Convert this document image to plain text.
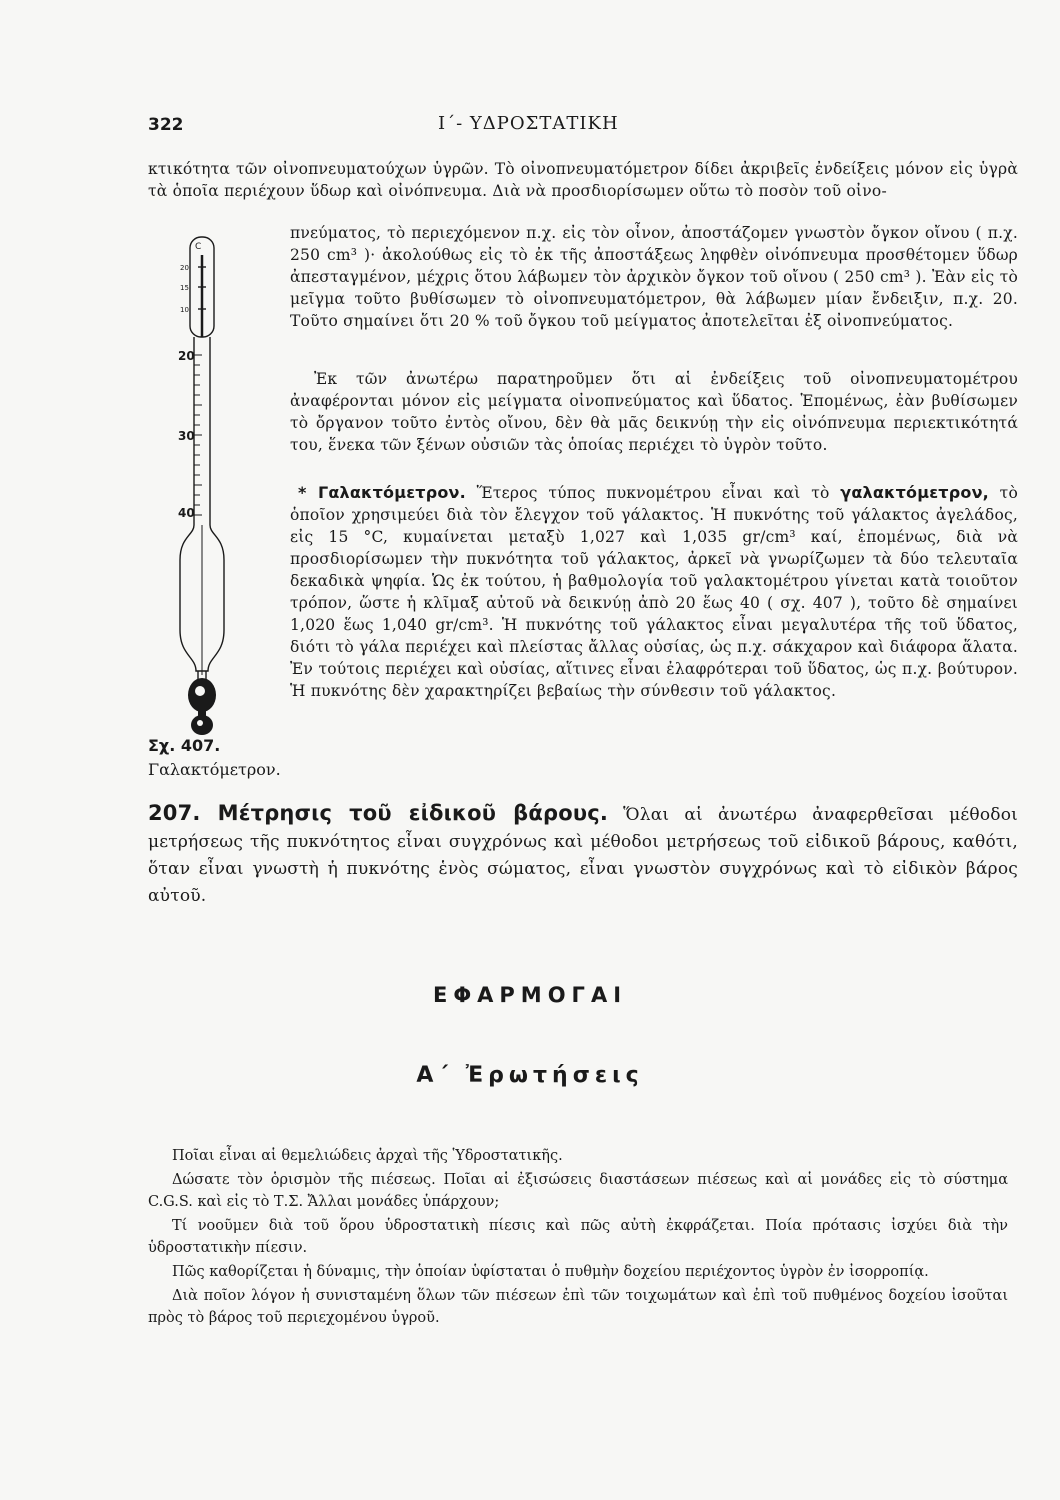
322	Ι΄- ΥΔΡΟΣΤΑΤΙΚΗ

κτικότητα τῶν οἰνοπνευματούχων ὑγρῶν. Τὸ οἰνοπνευματόμετρον δίδει ἀκριβεῖς ἐνδείξεις μόνον εἰς ὑγρὰ τὰ ὁποῖα περιέχουν ὕδωρ καὶ οἰνόπνευμα. Διὰ νὰ προσδιορίσωμεν οὕτω τὸ ποσὸν τοῦ οἰνο-

πνεύματος, τὸ περιεχόμενον π.χ. εἰς τὸν οἶνον, ἀποστάζομεν γνωστὸν ὄγκον οἴνου ( π.χ. 250 cm³ )· ἀκολούθως εἰς τὸ ἐκ τῆς ἀποστάξεως ληφθὲν οἰνόπνευμα προσθέτομεν ὕδωρ ἀπεσταγμένον, μέχρις ὅτου λάβωμεν τὸν ἀρχικὸν ὄγκον τοῦ οἴνου ( 250 cm³ ). Ἐὰν εἰς τὸ μεῖγμα τοῦτο βυθίσωμεν τὸ οἰνοπνευματόμετρον, θὰ λάβωμεν μίαν ἔνδειξιν, π.χ. 20. Τοῦτο σημαίνει ὅτι 20 % τοῦ ὄγκου τοῦ μείγματος ἀποτελεῖται ἐξ οἰνοπνεύματος.

Ἐκ τῶν ἀνωτέρω παρατηροῦμεν ὅτι αἱ ἐνδείξεις τοῦ οἰνοπνευματομέτρου ἀναφέρονται μόνον εἰς μείγματα οἰνοπνεύματος καὶ ὕδατος. Ἑπομένως, ἐὰν βυθίσωμεν τὸ ὄργανον τοῦτο ἐντὸς οἴνου, δὲν θὰ μᾶς δεικνύῃ τὴν εἰς οἰνόπνευμα περιεκτικότητά του, ἕνεκα τῶν ξένων οὐσιῶν τὰς ὁποίας περιέχει τὸ ὑγρὸν τοῦτο.

* Γαλακτόμετρον. Ἕτερος τύπος πυκνομέτρου εἶναι καὶ τὸ γαλακτόμετρον, τὸ ὁποῖον χρησιμεύει διὰ τὸν ἔλεγχον τοῦ γάλακτος. Ἡ πυκνότης τοῦ γάλακτος ἀγελάδος, εἰς 15 °C, κυμαίνεται μεταξὺ 1,027 καὶ 1,035 gr/cm³ καί, ἑπομένως, διὰ νὰ προσδιορίσωμεν τὴν πυκνότητα τοῦ γάλακτος, ἀρκεῖ νὰ γνωρίζωμεν τὰ δύο τελευταῖα δεκαδικὰ ψηφία. Ὡς ἐκ τούτου, ἡ βαθμολογία τοῦ γαλακτομέτρου γίνεται κατὰ τοιοῦτον τρόπον, ὥστε ἡ κλῖμαξ αὐτοῦ νὰ δεικνύῃ ἀπὸ 20 ἕως 40 ( σχ. 407 ), τοῦτο δὲ σημαίνει 1,020 ἕως 1,040 gr/cm³. Ἡ πυκνότης τοῦ γάλακτος εἶναι μεγαλυτέρα τῆς τοῦ ὕδατος, διότι τὸ γάλα περιέχει καὶ πλείστας ἄλλας οὐσίας, ὡς π.χ. σάκχαρον καὶ διάφορα ἅλατα. Ἐν τούτοις περιέχει καὶ οὐσίας, αἵτινες εἶναι ἐλαφρότεραι τοῦ ὕδατος, ὡς π.χ. βούτυρον. Ἡ πυκνότης δὲν χαρακτηρίζει βεβαίως τὴν σύνθεσιν τοῦ γάλακτος.

C
20
15
10
20
30
40
Σχ. 407. Γαλακτόμετρον.

207. Μέτρησις τοῦ εἰδικοῦ βάρους. Ὅλαι αἱ ἀνωτέρω ἀναφερθεῖσαι μέθοδοι μετρήσεως τῆς πυκνότητος εἶναι συγχρόνως καὶ μέθοδοι μετρήσεως τοῦ εἰδικοῦ βάρους, καθότι, ὅταν εἶναι γνωστὴ ἡ πυκνότης ἑνὸς σώματος, εἶναι γνωστὸν συγχρόνως καὶ τὸ εἰδικὸν βάρος αὐτοῦ.

ΕΦΑΡΜΟΓΑΙ
Α΄ Ἐρωτήσεις

Ποῖαι εἶναι αἱ θεμελιώδεις ἀρχαὶ τῆς Ὑδροστατικῆς.

Δώσατε τὸν ὁρισμὸν τῆς πιέσεως. Ποῖαι αἱ ἐξισώσεις διαστάσεων πιέσεως καὶ αἱ μονάδες εἰς τὸ σύστημα C.G.S. καὶ εἰς τὸ Τ.Σ. Ἄλλαι μονάδες ὑπάρχουν;

Τί νοοῦμεν διὰ τοῦ ὅρου ὑδροστατικὴ πίεσις καὶ πῶς αὐτὴ ἐκφράζεται. Ποία πρότασις ἰσχύει διὰ τὴν ὑδροστατικὴν πίεσιν.

Πῶς καθορίζεται ἡ δύναμις, τὴν ὁποίαν ὑφίσταται ὁ πυθμὴν δοχείου περιέχοντος ὑγρὸν ἐν ἰσορροπίᾳ.

Διὰ ποῖον λόγον ἡ συνισταμένη ὅλων τῶν πιέσεων ἐπὶ τῶν τοιχωμάτων καὶ ἐπὶ τοῦ πυθμένος δοχείου ἰσοῦται πρὸς τὸ βάρος τοῦ περιεχομένου ὑγροῦ.
